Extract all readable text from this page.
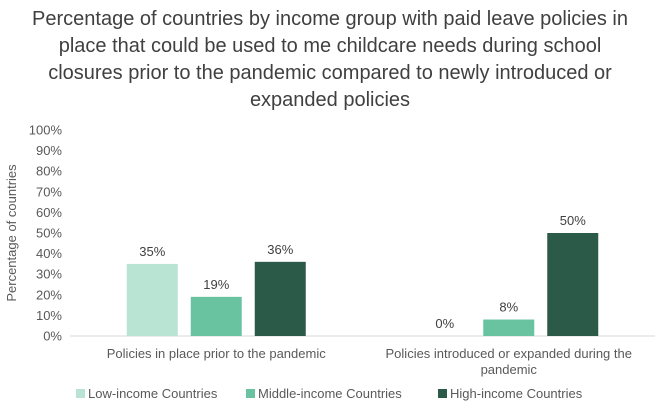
Percentage of countries by income group with paid leave policies in place that could be used to me childcare needs during school closures prior to the pandemic compared to newly introduced or expanded policies
0%
10%
20%
30%
40%
50%
60%
70%
80%
90%
100%
Percentage of countries	35%
19%
36%
Policies in place prior to the pandemic
0%
8%
50%
Policies introduced or expanded during the
pandemic
Low-income Countries	Middle-income Countries	High-income Countries
